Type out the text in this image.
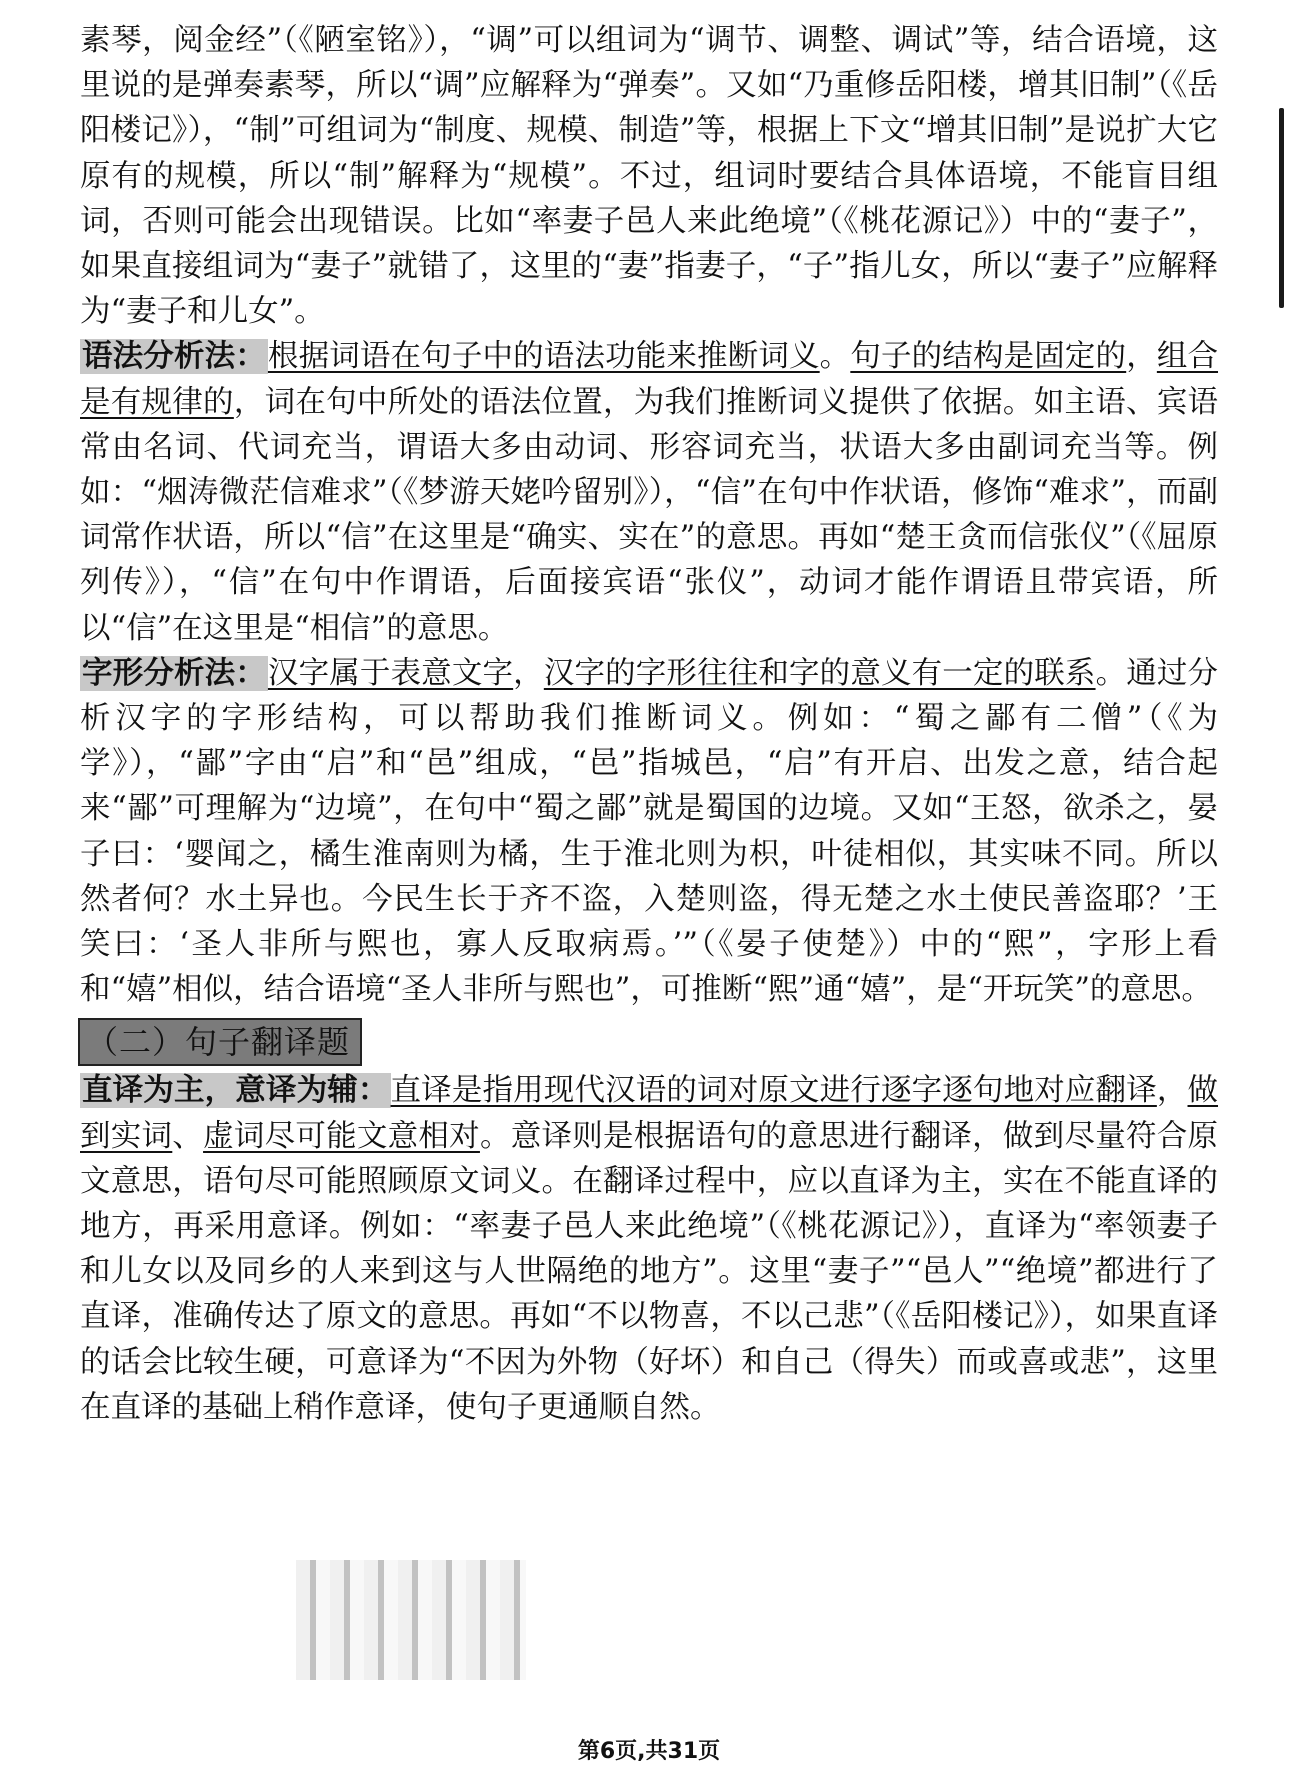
素琴，阅金经”（《陋室铭》），“调”可以组词为“调节、调整、调试”等，结合语境，这里说的是弹奏素琴，所以“调”应解释为“弹奏”。又如“乃重修岳阳楼，增其旧制”（《岳阳楼记》），“制”可组词为“制度、规模、制造”等，根据上下文“增其旧制”是说扩大它原有的规模，所以“制”解释为“规模”。不过，组词时要结合具体语境，不能盲目组词，否则可能会出现错误。比如“率妻子邑人来此绝境”（《桃花源记》）中的“妻子”，如果直接组词为“妻子”就错了，这里的“妻”指妻子，“子”指儿女，所以“妻子”应解释为“妻子和儿女”。

语法分析法：根据词语在句子中的语法功能来推断词义。句子的结构是固定的，组合是有规律的，词在句中所处的语法位置，为我们推断词义提供了依据。如主语、宾语常由名词、代词充当，谓语大多由动词、形容词充当，状语大多由副词充当等。例如：“烟涛微茫信难求”（《梦游天姥吟留别》），“信”在句中作状语，修饰“难求”，而副词常作状语，所以“信”在这里是“确实、实在”的意思。再如“楚王贪而信张仪”（《屈原列传》），“信”在句中作谓语，后面接宾语“张仪”，动词才能作谓语且带宾语，所以“信”在这里是“相信”的意思。

字形分析法：汉字属于表意文字，汉字的字形往往和字的意义有一定的联系。通过分析汉字的字形结构，可以帮助我们推断词义。例如：“蜀之鄙有二僧”（《为学》），“鄙”字由“启”和“邑”组成，“邑”指城邑，“启”有开启、出发之意，结合起来“鄙”可理解为“边境”，在句中“蜀之鄙”就是蜀国的边境。又如“王怒，欲杀之，晏子曰：‘婴闻之，橘生淮南则为橘，生于淮北则为枳，叶徒相似，其实味不同。所以然者何？水土异也。今民生长于齐不盗，入楚则盗，得无楚之水土使民善盗耶？’王笑曰：‘圣人非所与熙也，寡人反取病焉。’”（《晏子使楚》）中的“熙”，字形上看和“嬉”相似，结合语境“圣人非所与熙也”，可推断“熙”通“嬉”，是“开玩笑”的意思。

（二）句子翻译题

直译为主，意译为辅：直译是指用现代汉语的词对原文进行逐字逐句地对应翻译，做到实词、虚词尽可能文意相对。意译则是根据语句的意思进行翻译，做到尽量符合原文意思，语句尽可能照顾原文词义。在翻译过程中，应以直译为主，实在不能直译的地方，再采用意译。例如：“率妻子邑人来此绝境”（《桃花源记》），直译为“率领妻子和儿女以及同乡的人来到这与人世隔绝的地方”。这里“妻子”“邑人”“绝境”都进行了直译，准确传达了原文的意思。再如“不以物喜，不以己悲”（《岳阳楼记》），如果直译的话会比较生硬，可意译为“不因为外物（好坏）和自己（得失）而或喜或悲”，这里在直译的基础上稍作意译，使句子更通顺自然。

第6页,共31页
